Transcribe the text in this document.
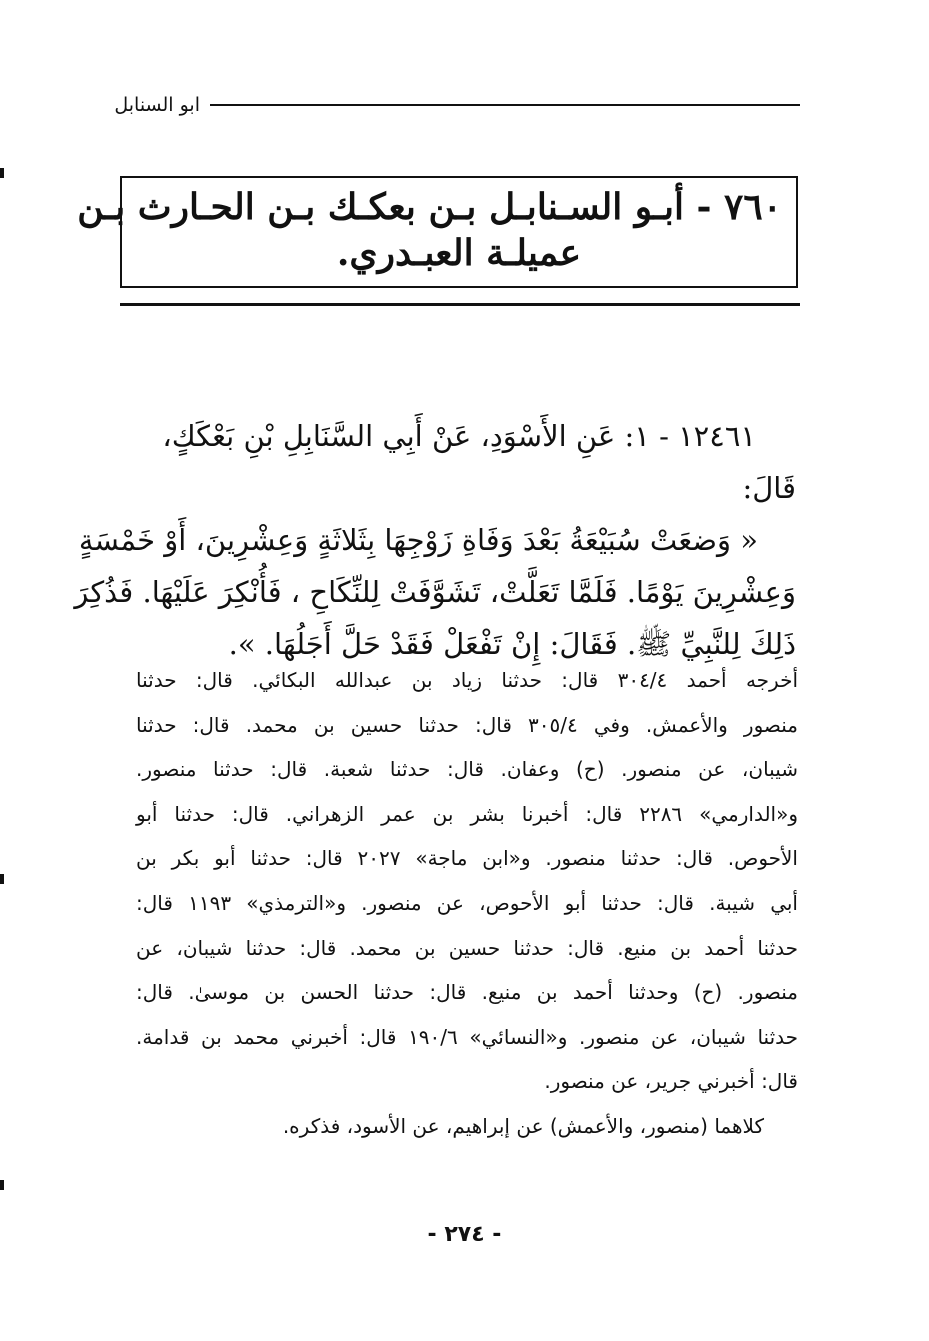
ابو السنابل
٧٦٠ - أبـو السـنابـل بـن بعكـك بـن الحـارث بـن
عميلـة العبـدري.

١٢٤٦١ - ١: عَنِ الأَسْوَدِ، عَنْ أَبِي السَّنَابِلِ بْنِ بَعْكَكٍ،

قَالَ:

« وَضعَتْ سُبَيْعَةُ بَعْدَ وَفَاةِ زَوْجِهَا بِثَلاثَةٍ وَعِشْرِينَ، أَوْ خَمْسَةٍ

وَعِشْرِينَ يَوْمًا. فَلَمَّا تَعَلَّتْ، تَشَوَّفَتْ لِلنِّكَاحِ ، فَأُنْكِرَ عَلَيْهَا. فَذُكِرَ

ذَلِكَ لِلنَّبِيِّ ﷺ. فَقَالَ: إِنْ تَفْعَلْ فَقَدْ حَلَّ أَجَلُهَا. ».

أخرجه أحمد ٣٠٤/٤ قال: حدثنا زياد بن عبدالله البكائي. قال: حدثنا

منصور والأعمش. وفي ٣٠٥/٤ قال: حدثنا حسين بن محمد. قال: حدثنا

شيبان، عن منصور. (ح) وعفان. قال: حدثنا شعبة. قال: حدثنا منصور.

و«الدارمي» ٢٢٨٦ قال: أخبرنا بشر بن عمر الزهراني. قال: حدثنا أبو

الأحوص. قال: حدثنا منصور. و«ابن ماجة» ٢٠٢٧ قال: حدثنا أبو بكر بن

أبي شيبة. قال: حدثنا أبو الأحوص، عن منصور. و«الترمذي» ١١٩٣ قال:

حدثنا أحمد بن منيع. قال: حدثنا حسين بن محمد. قال: حدثنا شيبان، عن

منصور. (ح) وحدثنا أحمد بن منيع. قال: حدثنا الحسن بن موسىٰ. قال:

حدثنا شيبان، عن منصور. و«النسائي» ١٩٠/٦ قال: أخبرني محمد بن قدامة.

قال: أخبرني جرير، عن منصور.

كلاهما (منصور، والأعمش) عن إبراهيم، عن الأسود، فذكره.

- ٢٧٤ -
